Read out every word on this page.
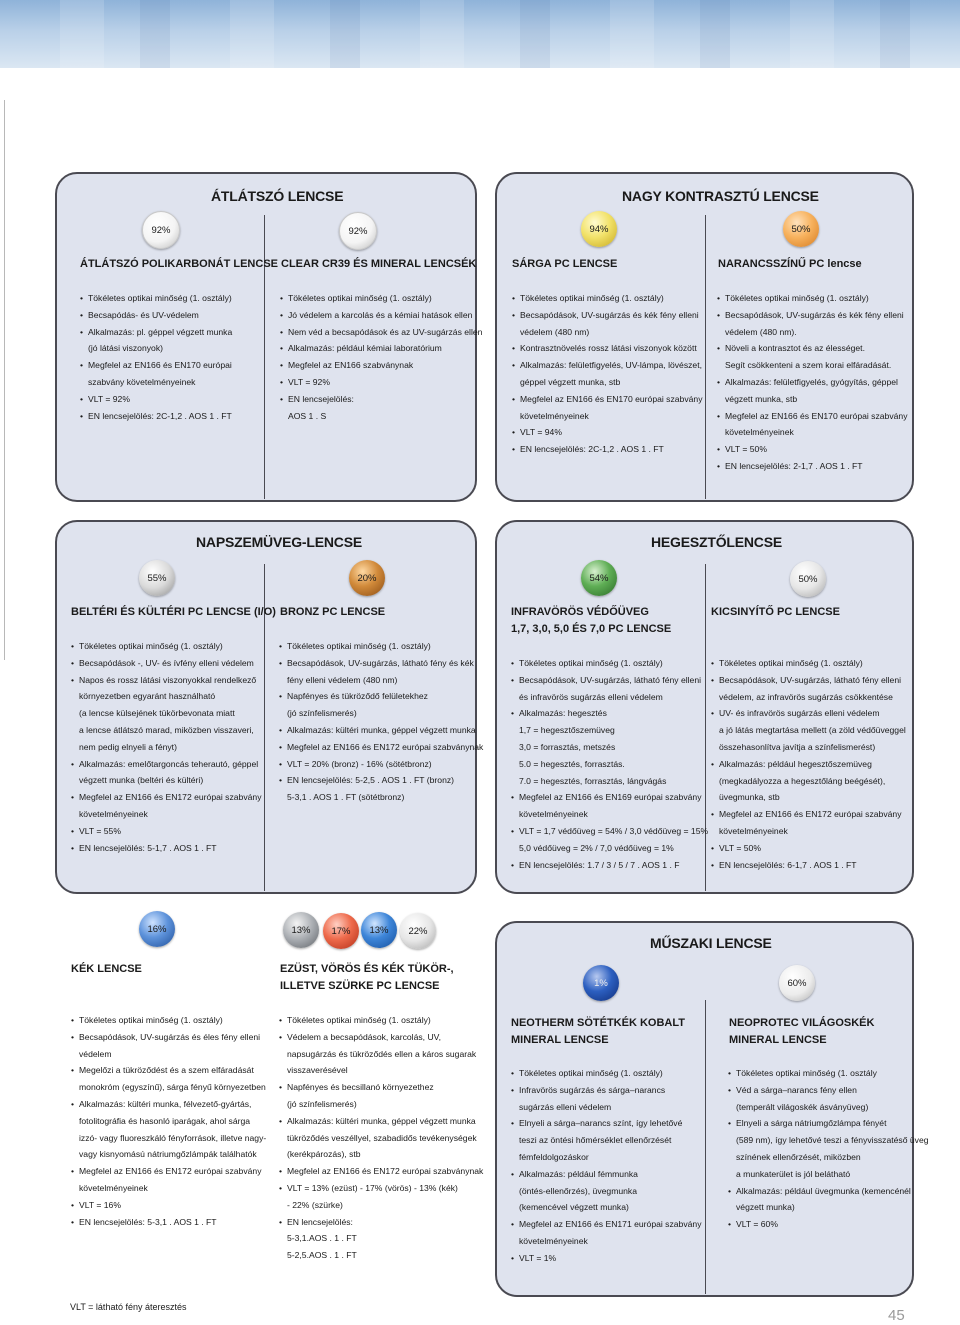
ÁTLÁTSZÓ LENCSE
92%
ÁTLÁTSZÓ POLIKARBONÁT LENCSE
• Tökéletes optikai minőség (1. osztály)
• Becsapódás- és UV-védelem
• Alkalmazás: pl. géppel végzett munka
(jó látási viszonyok)
• Megfelel az EN166 és EN170 európai
szabvány követelményeinek
• VLT = 92%
• EN lencsejelölés: 2C-1,2 . AOS 1 . FT
92%
CLEAR CR39 ÉS MINERAL LENCSÉK
• Tökéletes optikai minőség (1. osztály)
• Jó védelem a karcolás és a kémiai hatások ellen
• Nem véd a becsapódások és az UV-sugárzás ellen
• Alkalmazás: például kémiai laboratórium
• Megfelel az EN166 szabványnak
• VLT = 92%
• EN lencsejelölés:
AOS 1 . S
NAGY KONTRASZTÚ LENCSE
94%
SÁRGA PC LENCSE
• Tökéletes optikai minőség (1. osztály)
• Becsapódások, UV-sugárzás és kék fény elleni
védelem (480 nm)
• Kontrasztnövelés rossz látási viszonyok között
• Alkalmazás: felületfigyelés, UV-lámpa, lövészet,
géppel végzett munka, stb
• Megfelel az EN166 és EN170 európai szabvány
követelményeinek
• VLT = 94%
• EN lencsejelölés: 2C-1,2 . AOS 1 . FT
50%
NARANCSSZÍNŰ PC lencse
• Tökéletes optikai minőség (1. osztály)
• Becsapódások, UV-sugárzás és kék fény elleni
védelem (480 nm).
• Növeli a kontrasztot és az élességet.
Segít csökkenteni a szem korai elfáradását.
• Alkalmazás: felületfigyelés, gyógyítás, géppel
végzett munka, stb
• Megfelel az EN166 és EN170 európai szabvány
követelményeinek
• VLT = 50%
• EN lencsejelölés: 2-1,7 . AOS 1 . FT
NAPSZEMÜVEG-LENCSE
55%
BELTÉRI ÉS KÜLTÉRI PC LENCSE (I/O)
• Tökéletes optikai minőség (1. osztály)
• Becsapódások -, UV- és ívfény elleni védelem
• Napos és rossz látási viszonyokkal rendelkező
környezetben egyaránt használható
(a lencse külsejének tükörbevonata miatt
a lencse átlátszó marad, miközben visszaveri,
nem pedig elnyeli a fényt)
• Alkalmazás: emelőtargoncás teherautó, géppel
végzett munka (beltéri és kültéri)
• Megfelel az EN166 és EN172 európai szabvány
követelményeinek
• VLT = 55%
• EN lencsejelölés: 5-1,7 . AOS 1 . FT
20%
BRONZ PC LENCSE
• Tökéletes optikai minőség (1. osztály)
• Becsapódások, UV-sugárzás, látható fény és kék
fény elleni védelem (480 nm)
• Napfényes és tükröződő felületekhez
(jó színfelismerés)
• Alkalmazás: kültéri munka, géppel végzett munka
• Megfelel az EN166 és EN172 európai szabványnak
• VLT = 20% (bronz) - 16% (sötétbronz)
• EN lencsejelölés: 5-2,5 . AOS 1 . FT (bronz)
5-3,1 . AOS 1 . FT (sötétbronz)
HEGESZTŐLENCSE
54%
INFRAVÖRÖS VÉDŐÜVEG
1,7, 3,0, 5,0 ÉS 7,0 PC LENCSE
• Tökéletes optikai minőség (1. osztály)
• Becsapódások, UV-sugárzás, látható fény elleni
és infravörös sugárzás elleni védelem
• Alkalmazás: hegesztés
1,7 = hegesztőszemüveg
3,0 = forrasztás, metszés
5.0 = hegesztés, forrasztás.
7.0 = hegesztés, forrasztás, lángvágás
• Megfelel az EN166 és EN169 európai szabvány
követelményeinek
• VLT = 1,7 védőüveg = 54% / 3,0 védőüveg = 15%
5,0 védőüveg = 2% / 7,0 védőüveg = 1%
• EN lencsejelölés: 1.7 / 3 / 5 / 7 . AOS 1 . F
50%
KICSINYÍTŐ PC LENCSE
• Tökéletes optikai minőség (1. osztály)
• Becsapódások, UV-sugárzás, látható fény elleni
védelem, az infravörös sugárzás csökkentése
• UV- és infravörös sugárzás elleni védelem
a jó látás megtartása mellett (a zöld védőüveggel
összehasonlítva javítja a színfelismerést)
• Alkalmazás: például hegesztőszemüveg
(megkadályozza a hegesztőláng beégését),
üvegmunka, stb
• Megfelel az EN166 és EN172 európai szabvány
követelményeinek
• VLT = 50%
• EN lencsejelölés: 6-1,7 . AOS 1 . FT
16%
KÉK LENCSE
• Tökéletes optikai minőség (1. osztály)
• Becsapódások, UV-sugárzás és éles fény elleni
védelem
• Megelőzi a tükröződést és a szem elfáradását
monokróm (egyszínű), sárga fényű környezetben
• Alkalmazás: kültéri munka, félvezető-gyártás,
fotolitográfia és hasonló iparágak, ahol sárga
izzó- vagy fluoreszkáló fényforrások, illetve nagy-
vagy kisnyomású nátriumgőzlámpák találhatók
• Megfelel az EN166 és EN172 európai szabvány
követelményeinek
• VLT = 16%
• EN lencsejelölés: 5-3,1 . AOS 1 . FT
13%	17%	13%	22%
EZÜST, VÖRÖS ÉS KÉK TÜKÖR-,
ILLETVE SZÜRKE PC LENCSE
• Tökéletes optikai minőség (1. osztály)
• Védelem a becsapódások, karcolás, UV,
napsugárzás és tükröződés ellen a káros sugarak
visszaverésével
• Napfényes és becsillanó környezethez
(jó színfelismerés)
• Alkalmazás: kültéri munka, géppel végzett munka
tükröződés veszéllyel, szabadidős tevékenységek
(kerékpározás), stb
• Megfelel az EN166 és EN172 európai szabványnak
• VLT = 13% (ezüst) - 17% (vörös) - 13% (kék)
- 22% (szürke)
• EN lencsejelölés:
5-3,1.AOS . 1 . FT
5-2,5.AOS . 1 . FT
MŰSZAKI LENCSE
1%
NEOTHERM SÖTÉTKÉK KOBALT
MINERAL LENCSE
• Tökéletes optikai minőség (1. osztály)
• Infravörös sugárzás és sárga–narancs
sugárzás elleni védelem
• Elnyeli a sárga–narancs színt, így lehetővé
teszi az öntési hőmérséklet ellenőrzését
fémfeldolgozáskor
• Alkalmazás: például fémmunka
(öntés-ellenőrzés), üvegmunka
(kemencével végzett munka)
• Megfelel az EN166 és EN171 európai szabvány
követelményeinek
• VLT = 1%
60%
NEOPROTEC VILÁGOSKÉK
MINERAL LENCSE
• Tökéletes optikai minőség (1. osztály
• Véd a sárga–narancs fény ellen
(temperált világoskék ásványüveg)
• Elnyeli a sárga nátriumgőzlámpa fényét
(589 nm), így lehetővé teszi a fényvisszatéső üveg
színének ellenőrzését, miközben
a munkaterület is jól belátható
• Alkalmazás: például üvegmunka (kemencénél
végzett munka)
• VLT = 60%
VLT = látható fény áteresztés	45
